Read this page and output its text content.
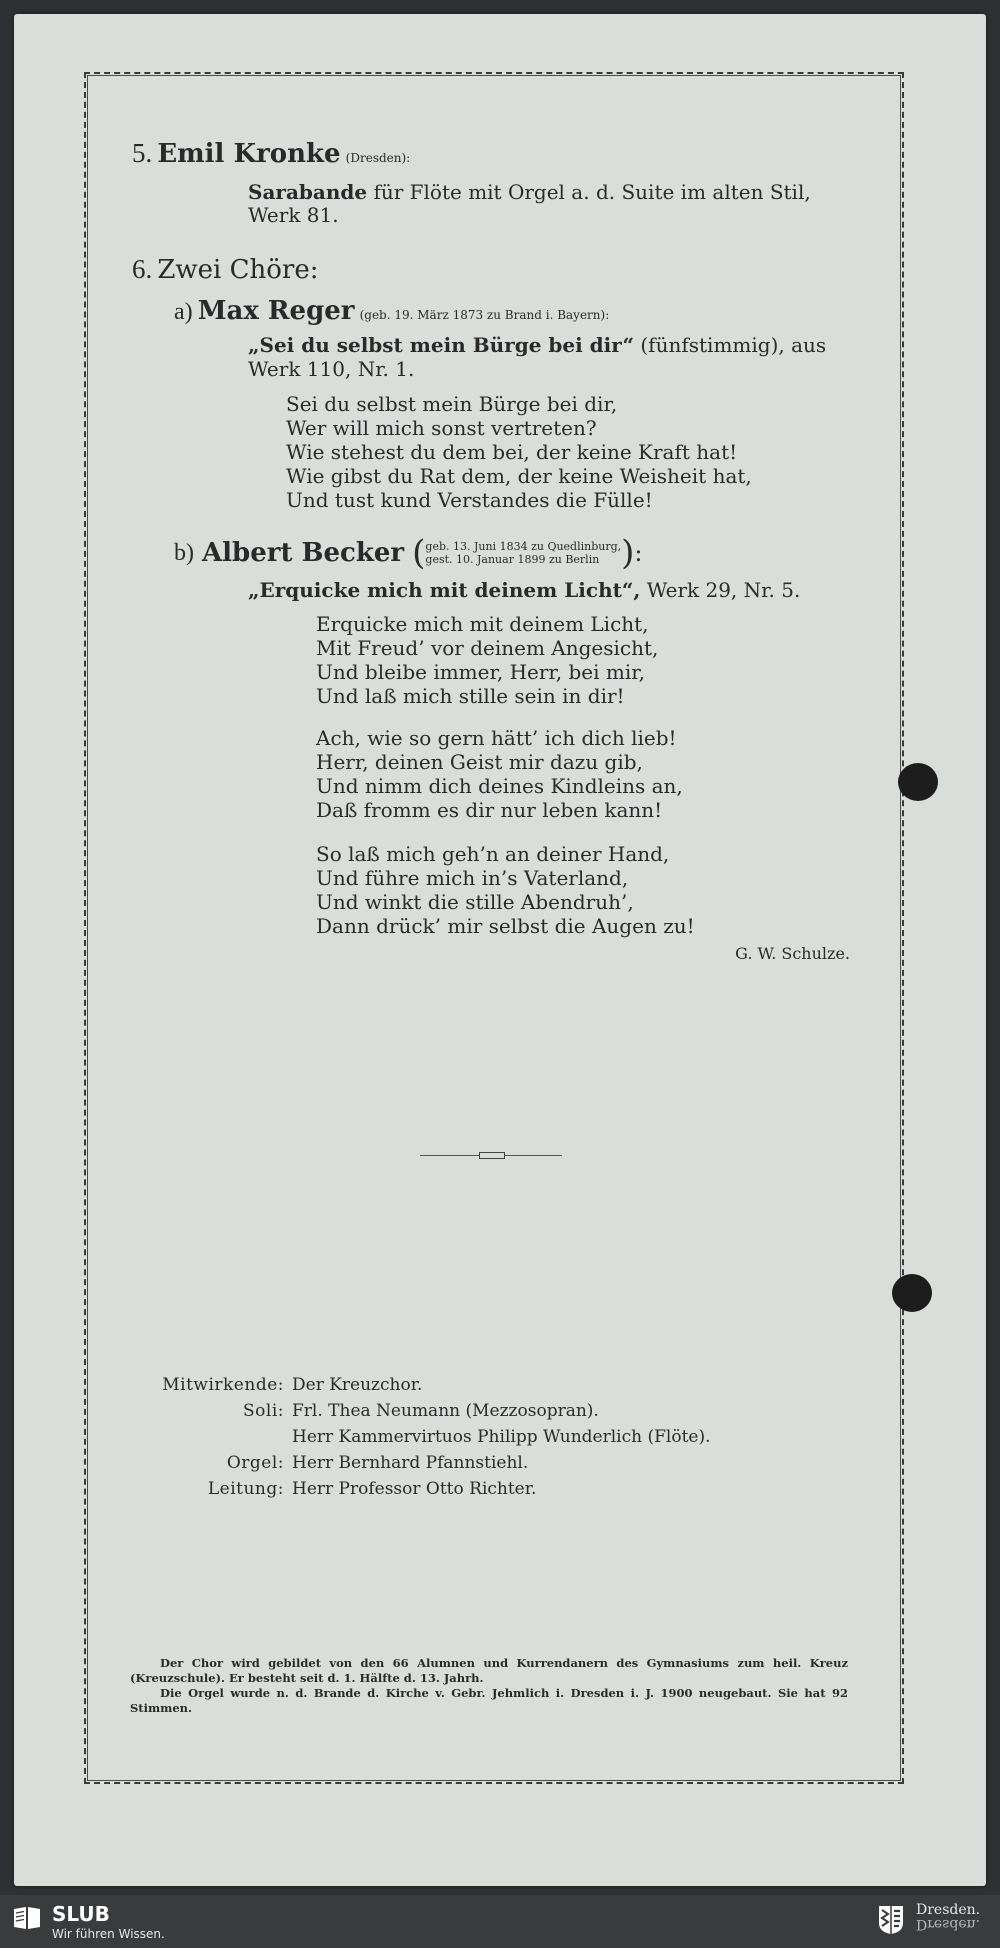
5. Emil Kronke (Dresden):
Sarabande für Flöte mit Orgel a. d. Suite im alten Stil,
Werk 81.
6. Zwei Chöre:
a) Max Reger (geb. 19. März 1873 zu Brand i. Bayern):
„Sei du selbst mein Bürge bei dir“ (fünfstimmig), aus
Werk 110, Nr. 1.
Sei du selbst mein Bürge bei dir,
Wer will mich sonst vertreten?
Wie stehest du dem bei, der keine Kraft hat!
Wie gibst du Rat dem, der keine Weisheit hat,
Und tust kund Verstandes die Fülle!
b) Albert Becker ( geb. 13. Juni 1834 zu Quedlinburg,
gest. 10. Januar 1899 zu Berlin ) :
„Erquicke mich mit deinem Licht“, Werk 29, Nr. 5.
Erquicke mich mit deinem Licht,
Mit Freud’ vor deinem Angesicht,
Und bleibe immer, Herr, bei mir,
Und laß mich stille sein in dir!
Ach, wie so gern hätt’ ich dich lieb!
Herr, deinen Geist mir dazu gib,
Und nimm dich deines Kindleins an,
Daß fromm es dir nur leben kann!
So laß mich geh’n an deiner Hand,
Und führe mich in’s Vaterland,
Und winkt die stille Abendruh’,
Dann drück’ mir selbst die Augen zu!
G. W. Schulze.
Mitwirkende: Der Kreuzchor.
Soli: Frl. Thea Neumann (Mezzosopran).
Herr Kammervirtuos Philipp Wunderlich (Flöte).
Orgel: Herr Bernhard Pfannstiehl.
Leitung: Herr Professor Otto Richter.

Der Chor wird gebildet von den 66 Alumnen und Kurrendanern des Gymnasiums zum heil. Kreuz (Kreuzschule). Er besteht seit d. 1. Hälfte d. 13. Jahrh.

Die Orgel wurde n. d. Brande d. Kirche v. Gebr. Jehmlich i. Dresden i. J. 1900 neugebaut. Sie hat 92 Stimmen.

SLUB
Wir führen Wissen.
Dresden.
Dresden.
